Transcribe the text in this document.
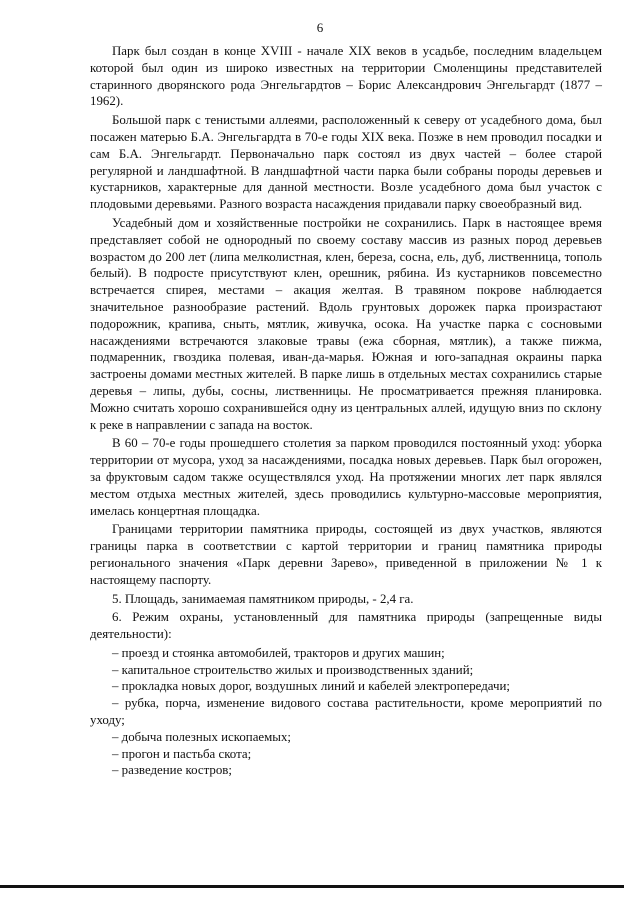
6

Парк был создан в конце XVIII - начале XIX веков в усадьбе, последним владельцем которой был один из широко известных на территории Смоленщины представителей старинного дворянского рода Энгельгардтов – Борис Александрович Энгельгардт (1877 – 1962).

Большой парк с тенистыми аллеями, расположенный к северу от усадебного дома, был посажен матерью Б.А. Энгельгардта в 70-е годы XIX века. Позже в нем проводил посадки и сам Б.А. Энгельгардт. Первоначально парк состоял из двух частей – более старой регулярной и ландшафтной. В ландшафтной части парка были собраны породы деревьев и кустарников, характерные для данной местности. Возле усадебного дома был участок с плодовыми деревьями. Разного возраста насаждения придавали парку своеобразный вид.

Усадебный дом и хозяйственные постройки не сохранились. Парк в настоящее время представляет собой не однородный по своему составу массив из разных пород деревьев возрастом до 200 лет (липа мелколистная, клен, береза, сосна, ель, дуб, лиственница, тополь белый). В подросте присутствуют клен, орешник, рябина. Из кустарников повсеместно встречается спирея, местами – акация желтая. В травяном покрове наблюдается значительное разнообразие растений. Вдоль грунтовых дорожек парка произрастают подорожник, крапива, сныть, мятлик, живучка, осока. На участке парка с сосновыми насаждениями встречаются злаковые травы (ежа сборная, мятлик), а также пижма, подмаренник, гвоздика полевая, иван-да-марья. Южная и юго-западная окраины парка застроены домами местных жителей. В парке лишь в отдельных местах сохранились старые деревья – липы, дубы, сосны, лиственницы. Не просматривается прежняя планировка. Можно считать хорошо сохранившейся одну из центральных аллей, идущую вниз по склону к реке в направлении с запада на восток.

В 60 – 70-е годы прошедшего столетия за парком проводился постоянный уход: уборка территории от мусора, уход за насаждениями, посадка новых деревьев. Парк был огорожен, за фруктовым садом также осуществлялся уход. На протяжении многих лет парк являлся местом отдыха местных жителей, здесь проводились культурно-массовые мероприятия, имелась концертная площадка.

Границами территории памятника природы, состоящей из двух участков, являются границы парка в соответствии с картой территории и границ памятника природы регионального значения «Парк деревни Зарево», приведенной в приложении № 1 к настоящему паспорту.

5. Площадь, занимаемая памятником природы, - 2,4 га.

6. Режим охраны, установленный для памятника природы (запрещенные виды деятельности):

– проезд и стоянка автомобилей, тракторов и других машин;
– капитальное строительство жилых и производственных зданий;
– прокладка новых дорог, воздушных линий и кабелей электропередачи;
– рубка, порча, изменение видового состава растительности, кроме мероприятий по уходу;
– добыча полезных ископаемых;
– прогон и пастьба скота;
– разведение костров;
